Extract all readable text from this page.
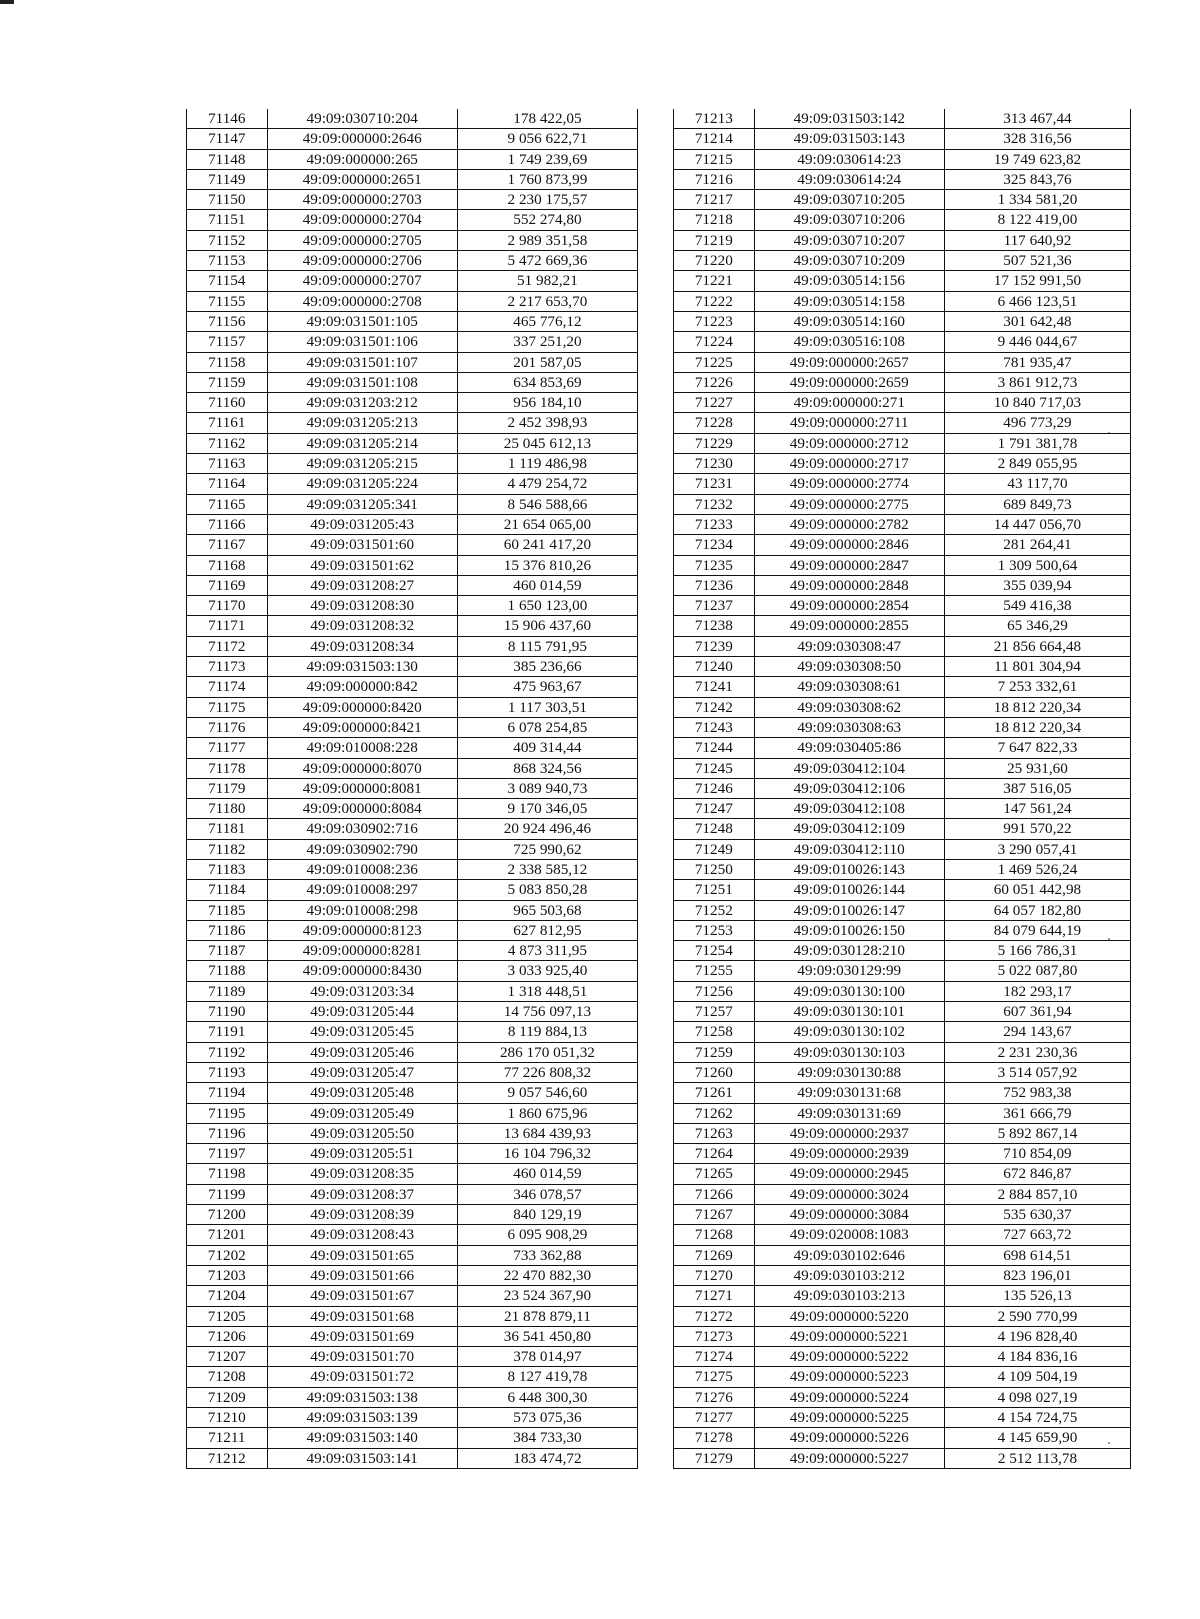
71146	49:09:030710:204	178 422,05
71147	49:09:000000:2646	9 056 622,71
71148	49:09:000000:265	1 749 239,69
71149	49:09:000000:2651	1 760 873,99
71150	49:09:000000:2703	2 230 175,57
71151	49:09:000000:2704	552 274,80
71152	49:09:000000:2705	2 989 351,58
71153	49:09:000000:2706	5 472 669,36
71154	49:09:000000:2707	51 982,21
71155	49:09:000000:2708	2 217 653,70
71156	49:09:031501:105	465 776,12
71157	49:09:031501:106	337 251,20
71158	49:09:031501:107	201 587,05
71159	49:09:031501:108	634 853,69
71160	49:09:031203:212	956 184,10
71161	49:09:031205:213	2 452 398,93
71162	49:09:031205:214	25 045 612,13
71163	49:09:031205:215	1 119 486,98
71164	49:09:031205:224	4 479 254,72
71165	49:09:031205:341	8 546 588,66
71166	49:09:031205:43	21 654 065,00
71167	49:09:031501:60	60 241 417,20
71168	49:09:031501:62	15 376 810,26
71169	49:09:031208:27	460 014,59
71170	49:09:031208:30	1 650 123,00
71171	49:09:031208:32	15 906 437,60
71172	49:09:031208:34	8 115 791,95
71173	49:09:031503:130	385 236,66
71174	49:09:000000:842	475 963,67
71175	49:09:000000:8420	1 117 303,51
71176	49:09:000000:8421	6 078 254,85
71177	49:09:010008:228	409 314,44
71178	49:09:000000:8070	868 324,56
71179	49:09:000000:8081	3 089 940,73
71180	49:09:000000:8084	9 170 346,05
71181	49:09:030902:716	20 924 496,46
71182	49:09:030902:790	725 990,62
71183	49:09:010008:236	2 338 585,12
71184	49:09:010008:297	5 083 850,28
71185	49:09:010008:298	965 503,68
71186	49:09:000000:8123	627 812,95
71187	49:09:000000:8281	4 873 311,95
71188	49:09:000000:8430	3 033 925,40
71189	49:09:031203:34	1 318 448,51
71190	49:09:031205:44	14 756 097,13
71191	49:09:031205:45	8 119 884,13
71192	49:09:031205:46	286 170 051,32
71193	49:09:031205:47	77 226 808,32
71194	49:09:031205:48	9 057 546,60
71195	49:09:031205:49	1 860 675,96
71196	49:09:031205:50	13 684 439,93
71197	49:09:031205:51	16 104 796,32
71198	49:09:031208:35	460 014,59
71199	49:09:031208:37	346 078,57
71200	49:09:031208:39	840 129,19
71201	49:09:031208:43	6 095 908,29
71202	49:09:031501:65	733 362,88
71203	49:09:031501:66	22 470 882,30
71204	49:09:031501:67	23 524 367,90
71205	49:09:031501:68	21 878 879,11
71206	49:09:031501:69	36 541 450,80
71207	49:09:031501:70	378 014,97
71208	49:09:031501:72	8 127 419,78
71209	49:09:031503:138	6 448 300,30
71210	49:09:031503:139	573 075,36
71211	49:09:031503:140	384 733,30
71212	49:09:031503:141	183 474,72
71213	49:09:031503:142	313 467,44
71214	49:09:031503:143	328 316,56
71215	49:09:030614:23	19 749 623,82
71216	49:09:030614:24	325 843,76
71217	49:09:030710:205	1 334 581,20
71218	49:09:030710:206	8 122 419,00
71219	49:09:030710:207	117 640,92
71220	49:09:030710:209	507 521,36
71221	49:09:030514:156	17 152 991,50
71222	49:09:030514:158	6 466 123,51
71223	49:09:030514:160	301 642,48
71224	49:09:030516:108	9 446 044,67
71225	49:09:000000:2657	781 935,47
71226	49:09:000000:2659	3 861 912,73
71227	49:09:000000:271	10 840 717,03
71228	49:09:000000:2711	496 773,29
71229	49:09:000000:2712	1 791 381,78
71230	49:09:000000:2717	2 849 055,95
71231	49:09:000000:2774	43 117,70
71232	49:09:000000:2775	689 849,73
71233	49:09:000000:2782	14 447 056,70
71234	49:09:000000:2846	281 264,41
71235	49:09:000000:2847	1 309 500,64
71236	49:09:000000:2848	355 039,94
71237	49:09:000000:2854	549 416,38
71238	49:09:000000:2855	65 346,29
71239	49:09:030308:47	21 856 664,48
71240	49:09:030308:50	11 801 304,94
71241	49:09:030308:61	7 253 332,61
71242	49:09:030308:62	18 812 220,34
71243	49:09:030308:63	18 812 220,34
71244	49:09:030405:86	7 647 822,33
71245	49:09:030412:104	25 931,60
71246	49:09:030412:106	387 516,05
71247	49:09:030412:108	147 561,24
71248	49:09:030412:109	991 570,22
71249	49:09:030412:110	3 290 057,41
71250	49:09:010026:143	1 469 526,24
71251	49:09:010026:144	60 051 442,98
71252	49:09:010026:147	64 057 182,80
71253	49:09:010026:150	84 079 644,19
71254	49:09:030128:210	5 166 786,31
71255	49:09:030129:99	5 022 087,80
71256	49:09:030130:100	182 293,17
71257	49:09:030130:101	607 361,94
71258	49:09:030130:102	294 143,67
71259	49:09:030130:103	2 231 230,36
71260	49:09:030130:88	3 514 057,92
71261	49:09:030131:68	752 983,38
71262	49:09:030131:69	361 666,79
71263	49:09:000000:2937	5 892 867,14
71264	49:09:000000:2939	710 854,09
71265	49:09:000000:2945	672 846,87
71266	49:09:000000:3024	2 884 857,10
71267	49:09:000000:3084	535 630,37
71268	49:09:020008:1083	727 663,72
71269	49:09:030102:646	698 614,51
71270	49:09:030103:212	823 196,01
71271	49:09:030103:213	135 526,13
71272	49:09:000000:5220	2 590 770,99
71273	49:09:000000:5221	4 196 828,40
71274	49:09:000000:5222	4 184 836,16
71275	49:09:000000:5223	4 109 504,19
71276	49:09:000000:5224	4 098 027,19
71277	49:09:000000:5225	4 154 724,75
71278	49:09:000000:5226	4 145 659,90
71279	49:09:000000:5227	2 512 113,78
